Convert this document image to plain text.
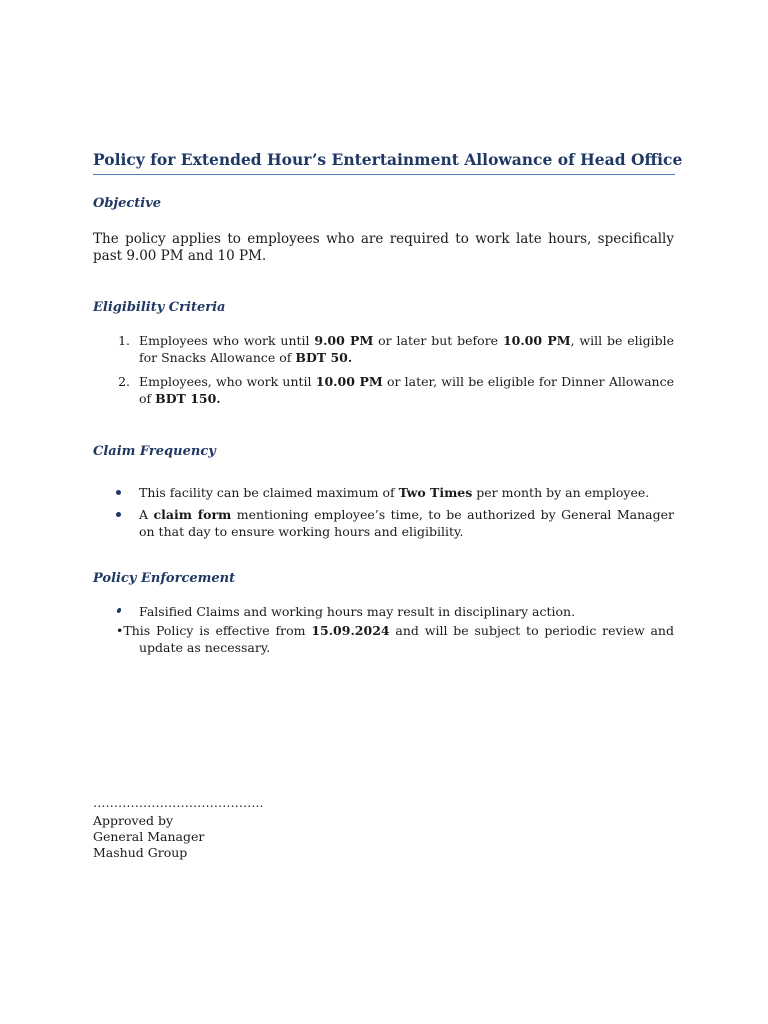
Policy for Extended Hour’s Entertainment Allowance of Head Office
Objective
The policy applies to employees who are required to work late hours, specifically past 9.00 PM and 10 PM.
Eligibility Criteria
1. Employees who work until 9.00 PM or later but before 10.00 PM, will be eligible for Snacks Allowance of BDT 50.
2. Employees, who work until 10.00 PM or later, will be eligible for Dinner Allowance of BDT 150.
Claim Frequency
This facility can be claimed maximum of Two Times per month by an employee.
A claim form mentioning employee’s time, to be authorized by General Manager on that day to ensure working hours and eligibility.
Policy Enforcement
Falsified Claims and working hours may result in disciplinary action.
•This Policy is effective from 15.09.2024 and will be subject to periodic review and update as necessary.
…………………………………..
Approved by
General Manager
Mashud Group
